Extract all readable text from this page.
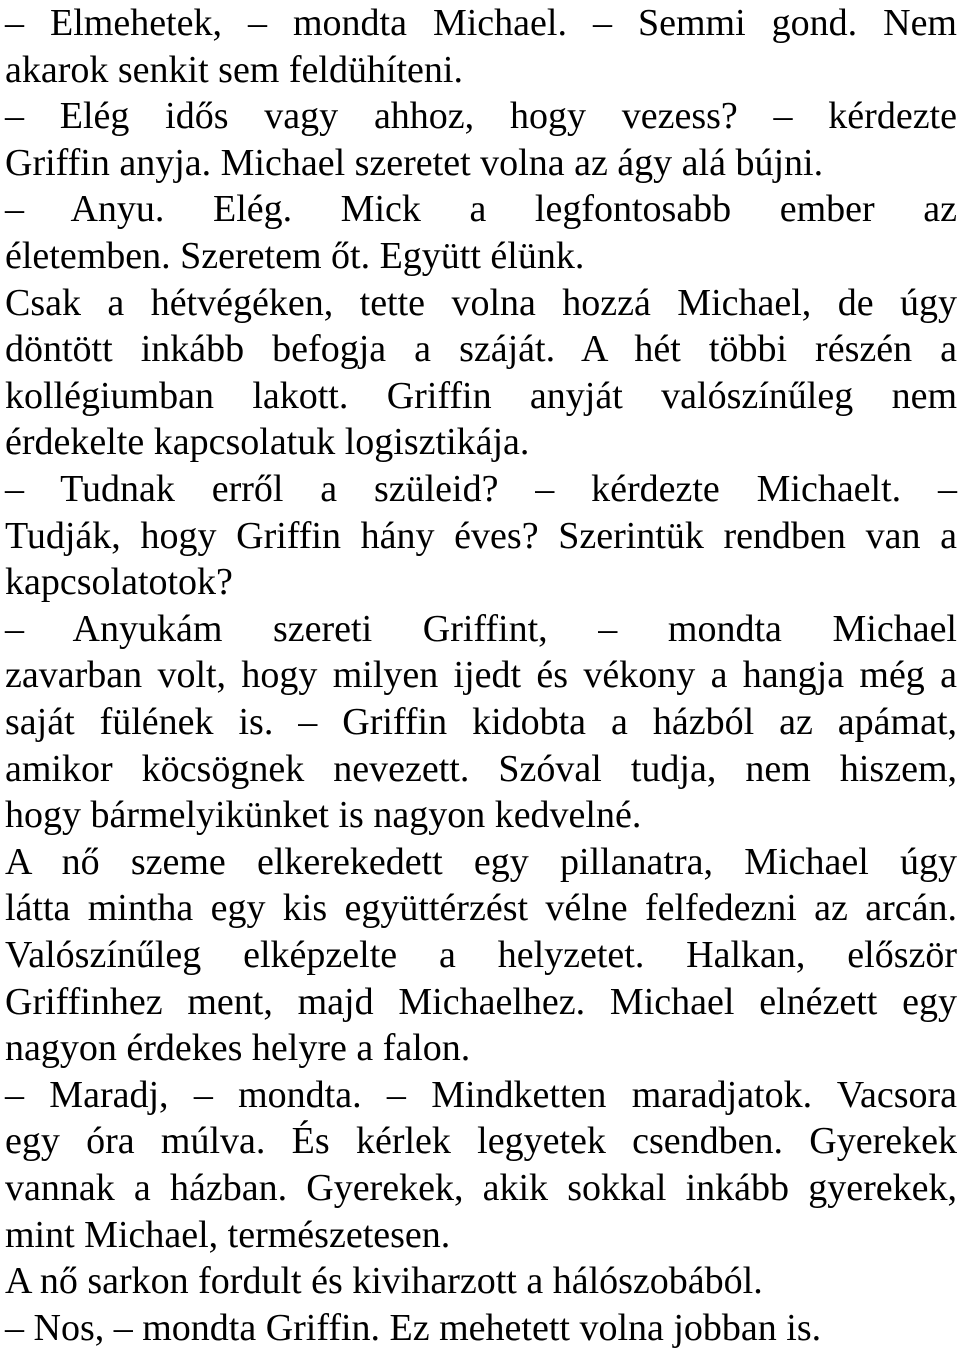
– Elmehetek, – mondta Michael. – Semmi gond. Nem
akarok senkit sem feldühíteni.
– Elég idős vagy ahhoz, hogy vezess? – kérdezte
Griffin anyja. Michael szeretet volna az ágy alá bújni.
– Anyu. Elég. Mick a legfontosabb ember az
életemben. Szeretem őt. Együtt élünk.
Csak a hétvégéken, tette volna hozzá Michael, de úgy
döntött inkább befogja a száját. A hét többi részén a
kollégiumban lakott. Griffin anyját valószínűleg nem
érdekelte kapcsolatuk logisztikája.
– Tudnak erről a szüleid? – kérdezte Michaelt. –
Tudják, hogy Griffin hány éves? Szerintük rendben van a
kapcsolatotok?
– Anyukám szereti Griffint, – mondta Michael
zavarban volt, hogy milyen ijedt és vékony a hangja még a
saját fülének is. – Griffin kidobta a házból az apámat,
amikor köcsögnek nevezett. Szóval tudja, nem hiszem,
hogy bármelyikünket is nagyon kedvelné.
A nő szeme elkerekedett egy pillanatra, Michael úgy
látta mintha egy kis együttérzést vélne felfedezni az arcán.
Valószínűleg elképzelte a helyzetet. Halkan, először
Griffinhez ment, majd Michaelhez. Michael elnézett egy
nagyon érdekes helyre a falon.
– Maradj, – mondta. – Mindketten maradjatok. Vacsora
egy óra múlva. És kérlek legyetek csendben. Gyerekek
vannak a házban. Gyerekek, akik sokkal inkább gyerekek,
mint Michael, természetesen.
A nő sarkon fordult és kiviharzott a hálószobából.
– Nos, – mondta Griffin. Ez mehetett volna jobban is.
